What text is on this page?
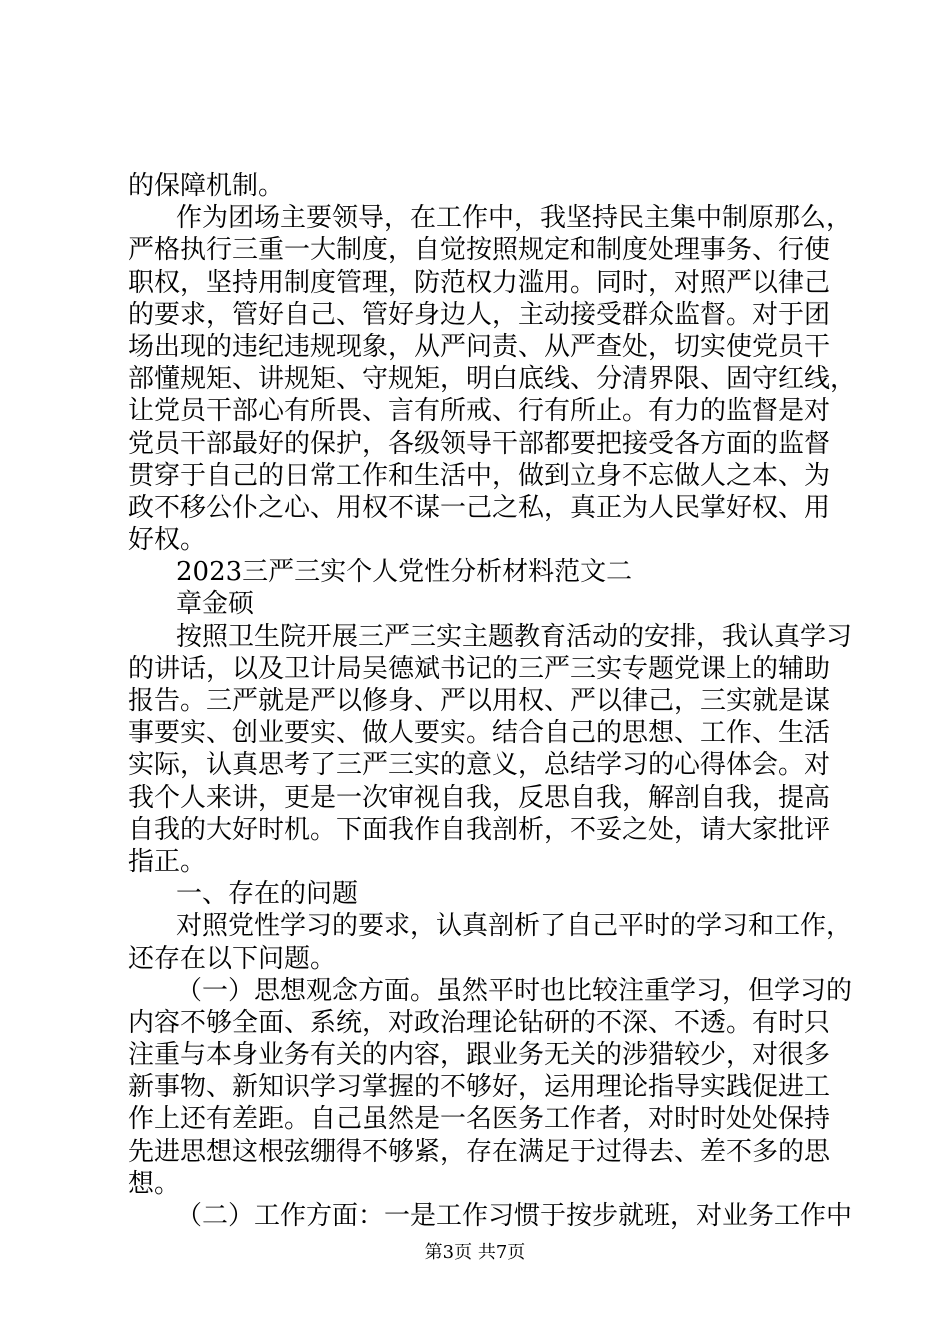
的保障机制。
作为团场主要领导，在工作中，我坚持民主集中制原那么，
严格执行三重一大制度，自觉按照规定和制度处理事务、行使
职权，坚持用制度管理，防范权力滥用。同时，对照严以律己
的要求，管好自己、管好身边人，主动接受群众监督。对于团
场出现的违纪违规现象，从严问责、从严查处，切实使党员干
部懂规矩、讲规矩、守规矩，明白底线、分清界限、固守红线，
让党员干部心有所畏、言有所戒、行有所止。有力的监督是对
党员干部最好的保护，各级领导干部都要把接受各方面的监督
贯穿于自己的日常工作和生活中，做到立身不忘做人之本、为
政不移公仆之心、用权不谋一己之私，真正为人民掌好权、用
好权。
2023三严三实个人党性分析材料范文二
章金硕
按照卫生院开展三严三实主题教育活动的安排，我认真学习
的讲话，以及卫计局吴德斌书记的三严三实专题党课上的辅助
报告。三严就是严以修身、严以用权、严以律己，三实就是谋
事要实、创业要实、做人要实。结合自己的思想、工作、生活
实际，认真思考了三严三实的意义，总结学习的心得体会。对
我个人来讲，更是一次审视自我，反思自我，解剖自我，提高
自我的大好时机。下面我作自我剖析，不妥之处，请大家批评
指正。
一、存在的问题
对照党性学习的要求，认真剖析了自己平时的学习和工作，
还存在以下问题。
（一）思想观念方面。虽然平时也比较注重学习，但学习的
内容不够全面、系统，对政治理论钻研的不深、不透。有时只
注重与本身业务有关的内容，跟业务无关的涉猎较少，对很多
新事物、新知识学习掌握的不够好，运用理论指导实践促进工
作上还有差距。自己虽然是一名医务工作者，对时时处处保持
先进思想这根弦绷得不够紧，存在满足于过得去、差不多的思
想。
（二）工作方面：一是工作习惯于按步就班，对业务工作中
第3页 共7页
